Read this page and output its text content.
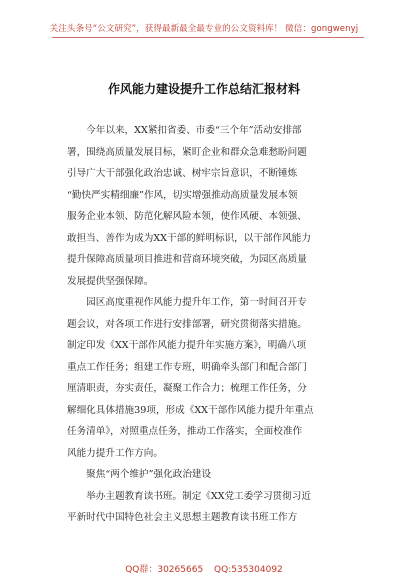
关注头条号“公文研究”，获得最新最全最专业的公文资料库！ 微信：gongwenyj
作风能力建设提升工作总结汇报材料
　　今年以来，XX紧扣省委、市委“三个年”活动安排部
署，围绕高质量发展目标，紧盯企业和群众急难愁盼问题
引导广大干部强化政治忠诚、树牢宗旨意识，不断锤炼
“勤快严实精细廉”作风，切实增强推动高质量发展本领
服务企业本领、防范化解风险本领，使作风硬、本领强、
敢担当、善作为成为XX干部的鲜明标识，以干部作风能力
提升保障高质量项目推进和营商环境突破，为园区高质量
发展提供坚强保障。
　　园区高度重视作风能力提升年工作，第一时间召开专
题会议，对各项工作进行安排部署，研究贯彻落实措施。
制定印发《XX干部作风能力提升年实施方案》，明确八项
重点工作任务；组建工作专班，明确牵头部门和配合部门
厘清职责，夯实责任，凝聚工作合力；梳理工作任务，分
解细化具体措施39项，形成《XX干部作风能力提升年重点
任务清单》，对照重点任务，推动工作落实，全面校准作
风能力提升工作方向。
　　聚焦“两个维护”强化政治建设
　　举办主题教育读书班。制定《XX党工委学习贯彻习近
平新时代中国特色社会主义思想主题教育读书班工作方
QQ群：30265665 QQ:535304092
